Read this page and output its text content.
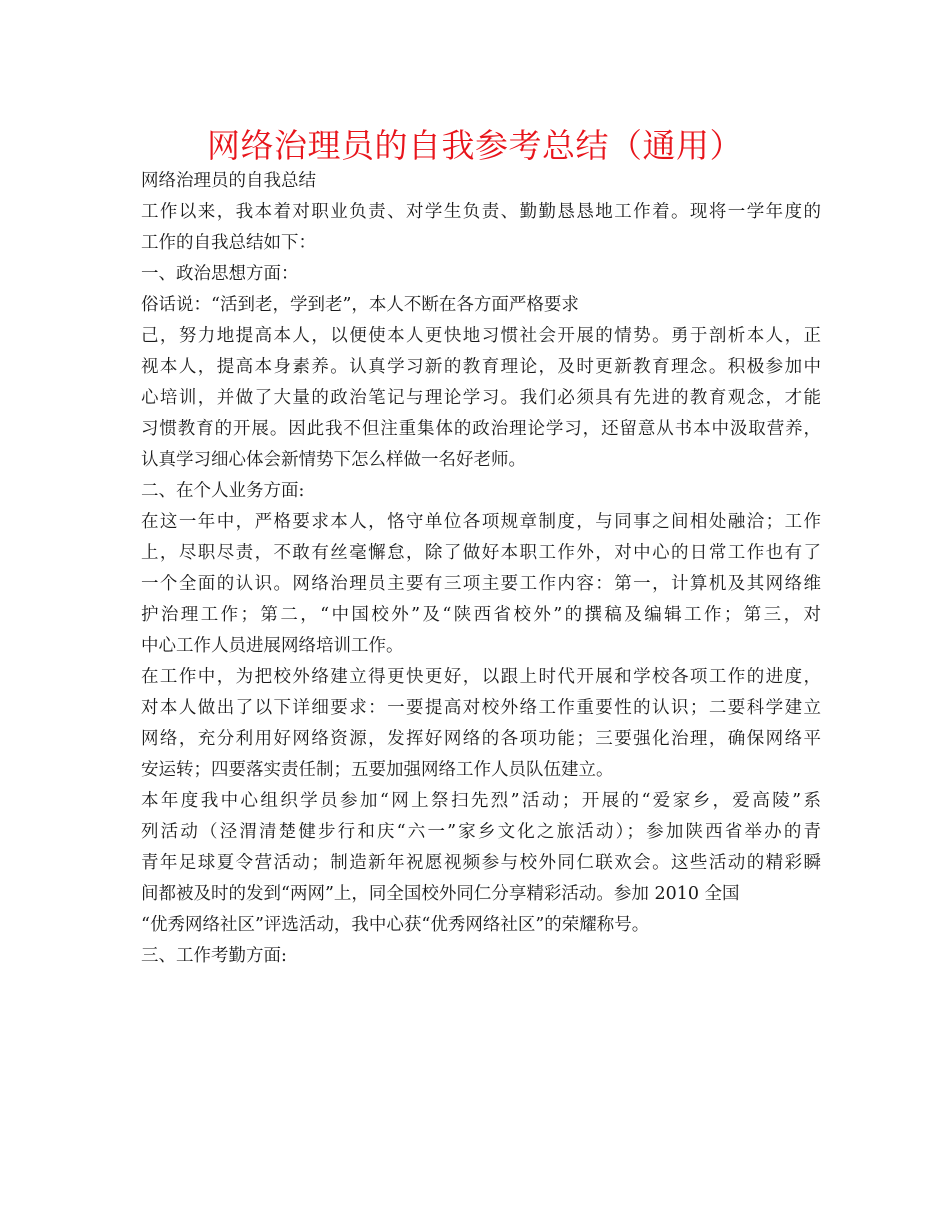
网络治理员的自我参考总结（通用）
网络治理员的自我总结
工作以来，我本着对职业负责、对学生负责、勤勤恳恳地工作着。现将一学年度的
工作的自我总结如下：
一、政治思想方面：
俗话说：“活到老，学到老”，本人不断在各方面严格要求
己，努力地提高本人，以便使本人更快地习惯社会开展的情势。勇于剖析本人，正
视本人，提高本身素养。认真学习新的教育理论，及时更新教育理念。积极参加中
心培训，并做了大量的政治笔记与理论学习。我们必须具有先进的教育观念，才能
习惯教育的开展。因此我不但注重集体的政治理论学习，还留意从书本中汲取营养，
认真学习细心体会新情势下怎么样做一名好老师。
二、在个人业务方面:
在这一年中，严格要求本人，恪守单位各项规章制度，与同事之间相处融洽；工作
上，尽职尽责，不敢有丝毫懈怠，除了做好本职工作外，对中心的日常工作也有了
一个全面的认识。网络治理员主要有三项主要工作内容：第一，计算机及其网络维
护治理工作；第二，“中国校外”及“陕西省校外”的撰稿及编辑工作；第三，对
中心工作人员进展网络培训工作。
在工作中，为把校外络建立得更快更好，以跟上时代开展和学校各项工作的进度，
对本人做出了以下详细要求：一要提高对校外络工作重要性的认识；二要科学建立
网络，充分利用好网络资源，发挥好网络的各项功能；三要强化治理，确保网络平
安运转；四要落实责任制；五要加强网络工作人员队伍建立。
本年度我中心组织学员参加“网上祭扫先烈”活动；开展的“爱家乡，爱高陵”系
列活动（泾渭清楚健步行和庆“六一”家乡文化之旅活动）；参加陕西省举办的青
青年足球夏令营活动；制造新年祝愿视频参与校外同仁联欢会。这些活动的精彩瞬
间都被及时的发到“两网”上，同全国校外同仁分享精彩活动。参加 2010 全国
“优秀网络社区”评选活动，我中心获“优秀网络社区”的荣耀称号。
三、工作考勤方面:
